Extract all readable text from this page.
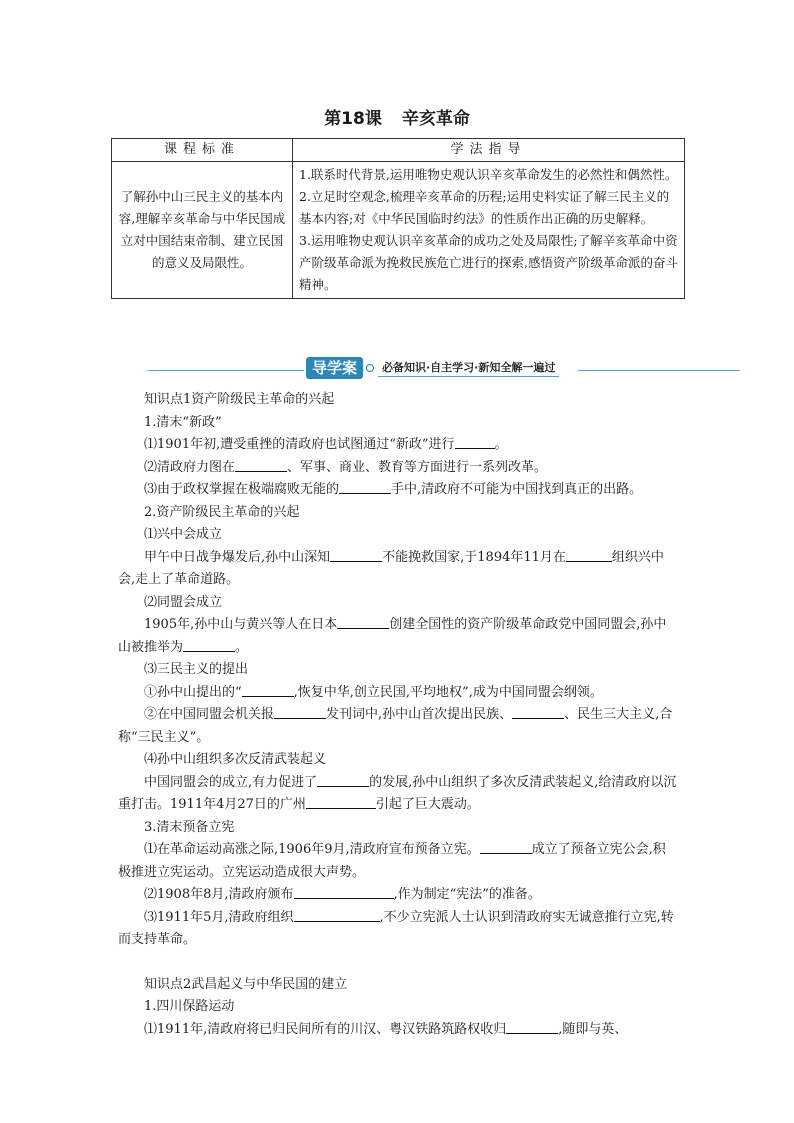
第18课 辛亥革命
课程标准	学法指导
了解孙中山三民主义的基本内容,理解辛亥革命与中华民国成立对中国结束帝制、建立民国的意义及局限性。	1.联系时代背景,运用唯物史观认识辛亥革命发生的必然性和偶然性。
2.立足时空观念,梳理辛亥革命的历程;运用史料实证了解三民主义的基本内容;对《中华民国临时约法》的性质作出正确的历史解释。
3.运用唯物史观认识辛亥革命的成功之处及局限性;了解辛亥革命中资产阶级革命派为挽救民族危亡进行的探索,感悟资产阶级革命派的奋斗精神。
导学案	必备知识·自主学习·新知全解一遍过

知识点1资产阶级民主革命的兴起

1.清末“新政”

⑴1901年初,遭受重挫的清政府也试图通过“新政”进行	。

⑵清政府力图在	、军事、商业、教育等方面进行一系列改革。

⑶由于政权掌握在极端腐败无能的	手中,清政府不可能为中国找到真正的出路。

2.资产阶级民主革命的兴起

⑴兴中会成立

甲午中日战争爆发后,孙中山深知	不能挽救国家,于1894年11月在	组织兴中会,走上了革命道路。

⑵同盟会成立

1905年,孙中山与黄兴等人在日本	创建全国性的资产阶级革命政党中国同盟会,孙中山被推举为	。

⑶三民主义的提出

①孙中山提出的“	,恢复中华,创立民国,平均地权”,成为中国同盟会纲领。

②在中国同盟会机关报	发刊词中,孙中山首次提出民族、	、民生三大主义,合称“三民主义”。

⑷孙中山组织多次反清武装起义

中国同盟会的成立,有力促进了	的发展,孙中山组织了多次反清武装起义,给清政府以沉重打击。1911年4月27日的广州	引起了巨大震动。

3.清末预备立宪

⑴在革命运动高涨之际,1906年9月,清政府宣布预备立宪。	成立了预备立宪公会,积极推进立宪运动。立宪运动造成很大声势。

⑵1908年8月,清政府颁布	,作为制定“宪法”的准备。

⑶1911年5月,清政府组织	,不少立宪派人士认识到清政府实无诚意推行立宪,转而支持革命。

知识点2武昌起义与中华民国的建立

1.四川保路运动

⑴1911年,清政府将已归民间所有的川汉、粤汉铁路筑路权收归	,随即与英、
